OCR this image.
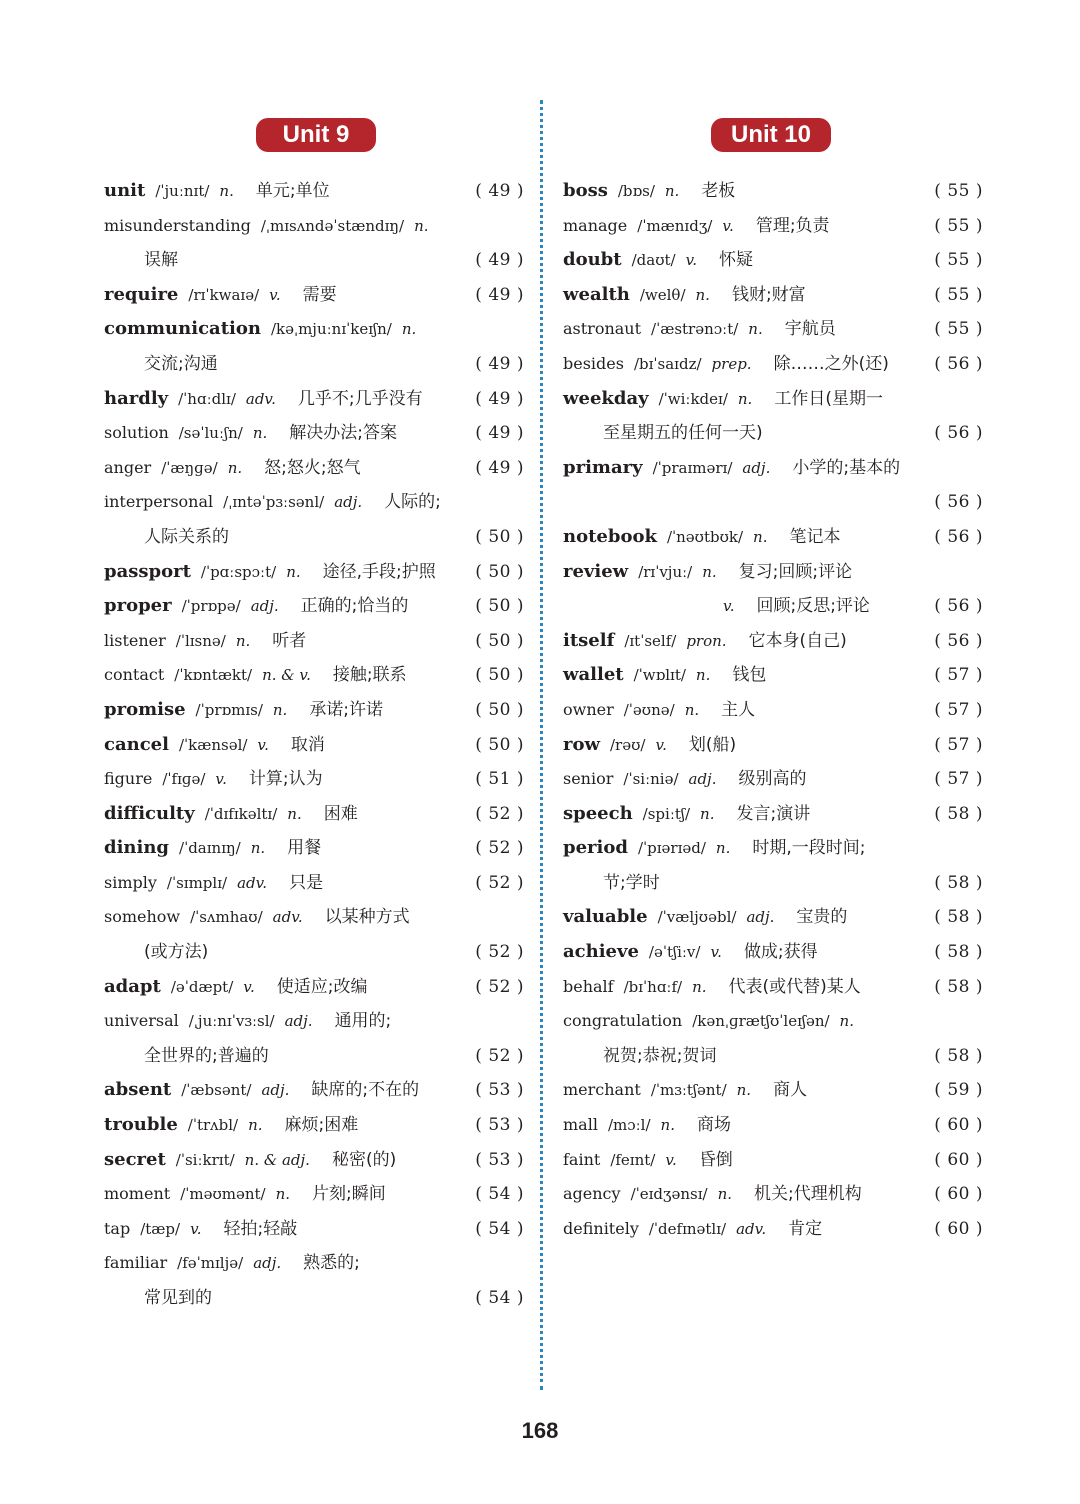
Unit 9
unit /ˈjuːnɪt/ n. 单元;单位	( 49 )
misunderstanding /ˌmɪsʌndəˈstændɪŋ/ n.
误解	( 49 )
require /rɪˈkwaɪə/ v. 需要	( 49 )
communication /kəˌmjuːnɪˈkeɪʃn/ n.
交流;沟通	( 49 )
hardly /ˈhɑːdlɪ/ adv. 几乎不;几乎没有	( 49 )
solution /səˈluːʃn/ n. 解决办法;答案	( 49 )
anger /ˈæŋɡə/ n. 怒;怒火;怒气	( 49 )
interpersonal /ˌɪntəˈpɜːsənl/ adj. 人际的;
人际关系的	( 50 )
passport /ˈpɑːspɔːt/ n. 途径,手段;护照 ( 50 )
proper /ˈprɒpə/ adj. 正确的;恰当的	( 50 )
listener /ˈlɪsnə/ n. 听者	( 50 )
contact /ˈkɒntækt/ n. & v. 接触;联系	( 50 )
promise /ˈprɒmɪs/ n. 承诺;许诺	( 50 )
cancel /ˈkænsəl/ v. 取消	( 50 )
figure /ˈfɪɡə/ v. 计算;认为	( 51 )
difficulty /ˈdɪfɪkəltɪ/ n. 困难	( 52 )
dining /ˈdaɪnɪŋ/ n. 用餐	( 52 )
simply /ˈsɪmplɪ/ adv. 只是	( 52 )
somehow /ˈsʌmhaʊ/ adv. 以某种方式
(或方法)	( 52 )
adapt /əˈdæpt/ v. 使适应;改编	( 52 )
universal /ˌjuːnɪˈvɜːsl/ adj. 通用的;
全世界的;普遍的	( 52 )
absent /ˈæbsənt/ adj. 缺席的;不在的	( 53 )
trouble /ˈtrʌbl/ n. 麻烦;困难	( 53 )
secret /ˈsiːkrɪt/ n. & adj. 秘密(的)	( 53 )
moment /ˈməʊmənt/ n. 片刻;瞬间	( 54 )
tap /tæp/ v. 轻拍;轻敲	( 54 )
familiar /fəˈmɪljə/ adj. 熟悉的;
常见到的	( 54 )
Unit 10
boss /bɒs/ n. 老板	( 55 )
manage /ˈmænɪdʒ/ v. 管理;负责	( 55 )
doubt /daʊt/ v. 怀疑	( 55 )
wealth /welθ/ n. 钱财;财富	( 55 )
astronaut /ˈæstrənɔːt/ n. 宇航员	( 55 )
besides /bɪˈsaɪdz/ prep. 除……之外(还)	( 56 )
weekday /ˈwiːkdeɪ/ n. 工作日(星期一
至星期五的任何一天)	( 56 )
primary /ˈpraɪmərɪ/ adj. 小学的;基本的
( 56 )
notebook /ˈnəʊtbʊk/ n. 笔记本	( 56 )
review /rɪˈvjuː/ n. 复习;回顾;评论
v. 回顾;反思;评论	( 56 )
itself /ɪtˈself/ pron. 它本身(自己)	( 56 )
wallet /ˈwɒlɪt/ n. 钱包	( 57 )
owner /ˈəʊnə/ n. 主人	( 57 )
row /rəʊ/ v. 划(船)	( 57 )
senior /ˈsiːniə/ adj. 级别高的	( 57 )
speech /spiːtʃ/ n. 发言;演讲	( 58 )
period /ˈpɪərɪəd/ n. 时期,一段时间;
节;学时	( 58 )
valuable /ˈvæljʊəbl/ adj. 宝贵的	( 58 )
achieve /əˈtʃiːv/ v. 做成;获得	( 58 )
behalf /bɪˈhɑːf/ n. 代表(或代替)某人	( 58 )
congratulation /kənˌɡrætʃʊˈleɪʃən/ n.
祝贺;恭祝;贺词	( 58 )
merchant /ˈmɜːtʃənt/ n. 商人	( 59 )
mall /mɔːl/ n. 商场	( 60 )
faint /feɪnt/ v. 昏倒	( 60 )
agency /ˈeɪdʒənsɪ/ n. 机关;代理机构	( 60 )
definitely /ˈdefɪnətlɪ/ adv. 肯定	( 60 )
168
